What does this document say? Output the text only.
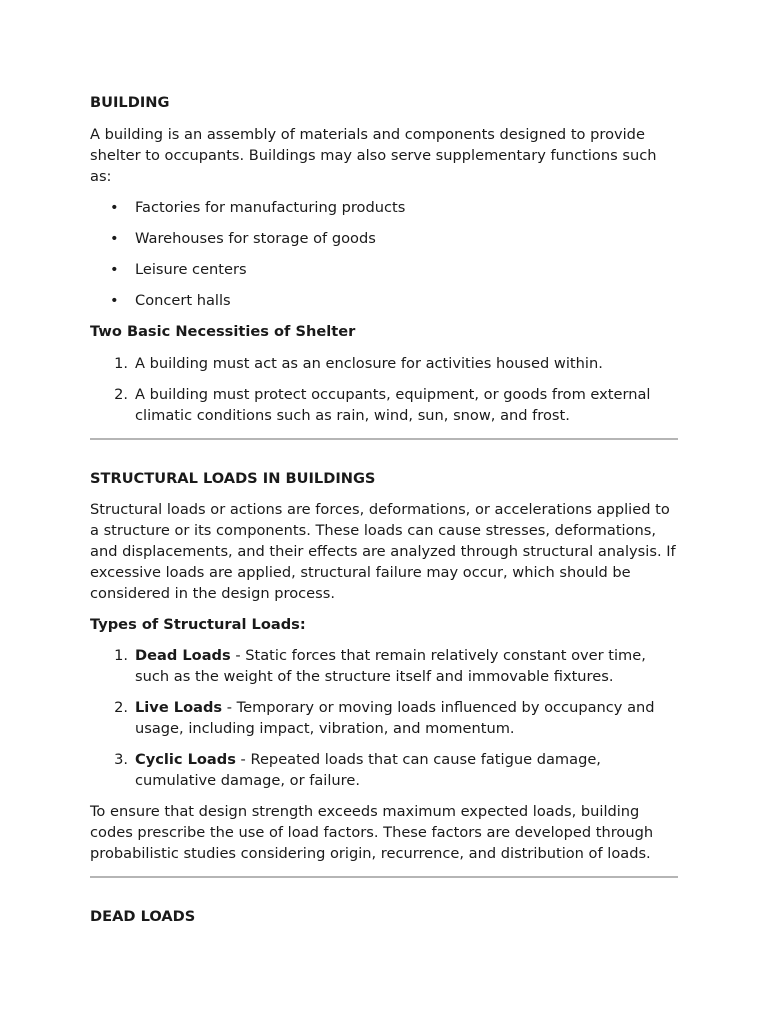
BUILDING

A building is an assembly of materials and components designed to provide shelter to occupants. Buildings may also serve supplementary functions such as:

• Factories for manufacturing products
• Warehouses for storage of goods
• Leisure centers
• Concert halls

Two Basic Necessities of Shelter

1. A building must act as an enclosure for activities housed within.
2. A building must protect occupants, equipment, or goods from external climatic conditions such as rain, wind, sun, snow, and frost.

STRUCTURAL LOADS IN BUILDINGS

Structural loads or actions are forces, deformations, or accelerations applied to a structure or its components. These loads can cause stresses, deformations, and displacements, and their effects are analyzed through structural analysis. If excessive loads are applied, structural failure may occur, which should be considered in the design process.

Types of Structural Loads:

1. Dead Loads - Static forces that remain relatively constant over time, such as the weight of the structure itself and immovable fixtures.
2. Live Loads - Temporary or moving loads influenced by occupancy and usage, including impact, vibration, and momentum.
3. Cyclic Loads - Repeated loads that can cause fatigue damage, cumulative damage, or failure.

To ensure that design strength exceeds maximum expected loads, building codes prescribe the use of load factors. These factors are developed through probabilistic studies considering origin, recurrence, and distribution of loads.

DEAD LOADS
